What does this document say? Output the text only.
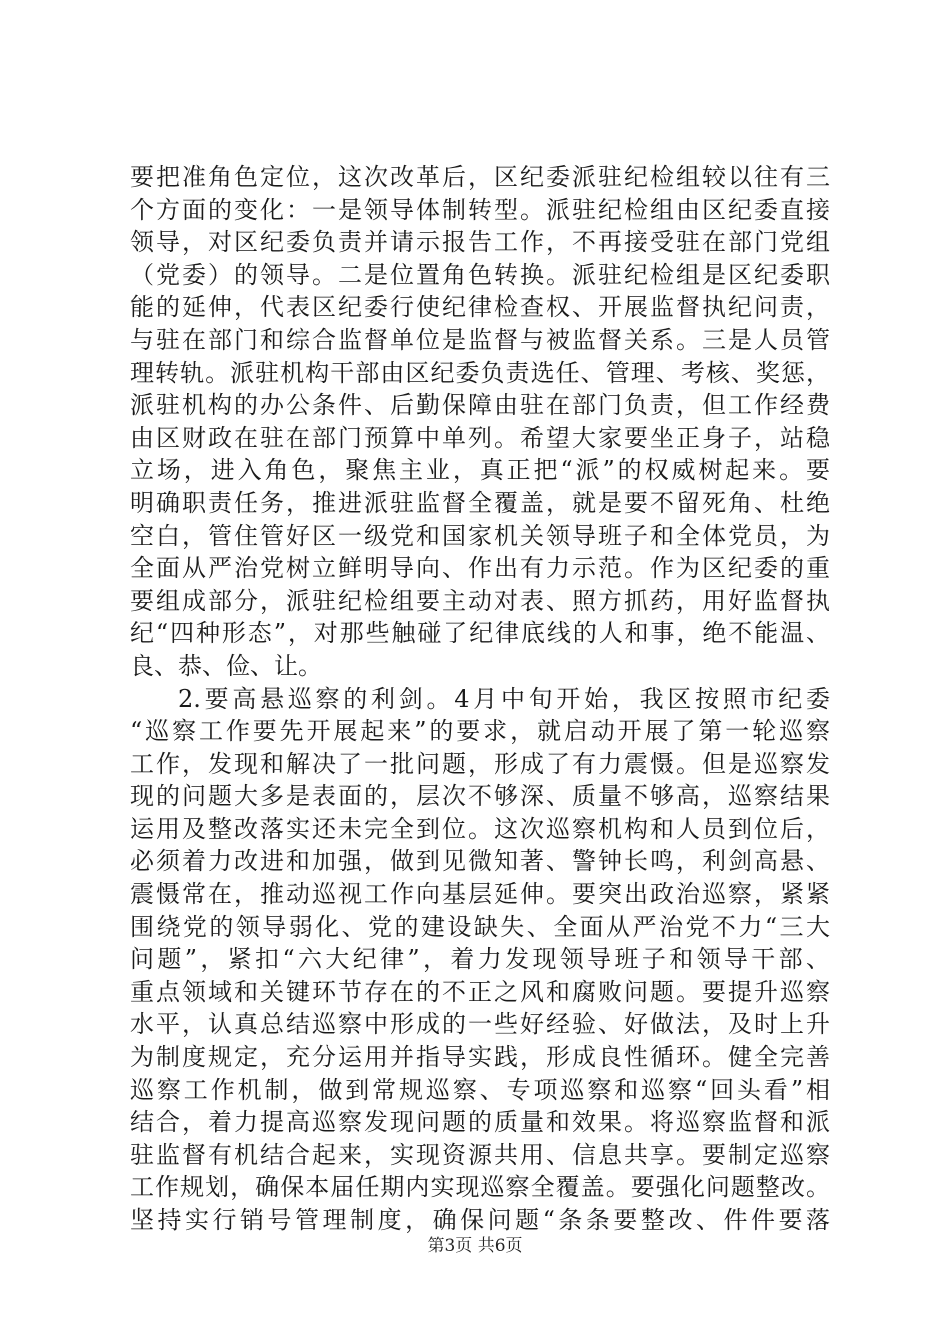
要把准角色定位，这次改革后，区纪委派驻纪检组较以往有三
个方面的变化：一是领导体制转型。派驻纪检组由区纪委直接
领导，对区纪委负责并请示报告工作，不再接受驻在部门党组
（党委）的领导。二是位置角色转换。派驻纪检组是区纪委职
能的延伸，代表区纪委行使纪律检查权、开展监督执纪问责，
与驻在部门和综合监督单位是监督与被监督关系。三是人员管
理转轨。派驻机构干部由区纪委负责选任、管理、考核、奖惩，
派驻机构的办公条件、后勤保障由驻在部门负责，但工作经费
由区财政在驻在部门预算中单列。希望大家要坐正身子，站稳
立场，进入角色，聚焦主业，真正把“派”的权威树起来。要
明确职责任务，推进派驻监督全覆盖，就是要不留死角、杜绝
空白，管住管好区一级党和国家机关领导班子和全体党员，为
全面从严治党树立鲜明导向、作出有力示范。作为区纪委的重
要组成部分，派驻纪检组要主动对表、照方抓药，用好监督执
纪“四种形态”，对那些触碰了纪律底线的人和事，绝不能温、
良、恭、俭、让。
2.要高悬巡察的利剑。4月中旬开始，我区按照市纪委
“巡察工作要先开展起来”的要求，就启动开展了第一轮巡察
工作，发现和解决了一批问题，形成了有力震慑。但是巡察发
现的问题大多是表面的，层次不够深、质量不够高，巡察结果
运用及整改落实还未完全到位。这次巡察机构和人员到位后，
必须着力改进和加强，做到见微知著、警钟长鸣，利剑高悬、
震慑常在，推动巡视工作向基层延伸。要突出政治巡察，紧紧
围绕党的领导弱化、党的建设缺失、全面从严治党不力“三大
问题”，紧扣“六大纪律”，着力发现领导班子和领导干部、
重点领域和关键环节存在的不正之风和腐败问题。要提升巡察
水平，认真总结巡察中形成的一些好经验、好做法，及时上升
为制度规定，充分运用并指导实践，形成良性循环。健全完善
巡察工作机制，做到常规巡察、专项巡察和巡察“回头看”相
结合，着力提高巡察发现问题的质量和效果。将巡察监督和派
驻监督有机结合起来，实现资源共用、信息共享。要制定巡察
工作规划，确保本届任期内实现巡察全覆盖。要强化问题整改。
坚持实行销号管理制度，确保问题“条条要整改、件件要落
第3页 共6页
